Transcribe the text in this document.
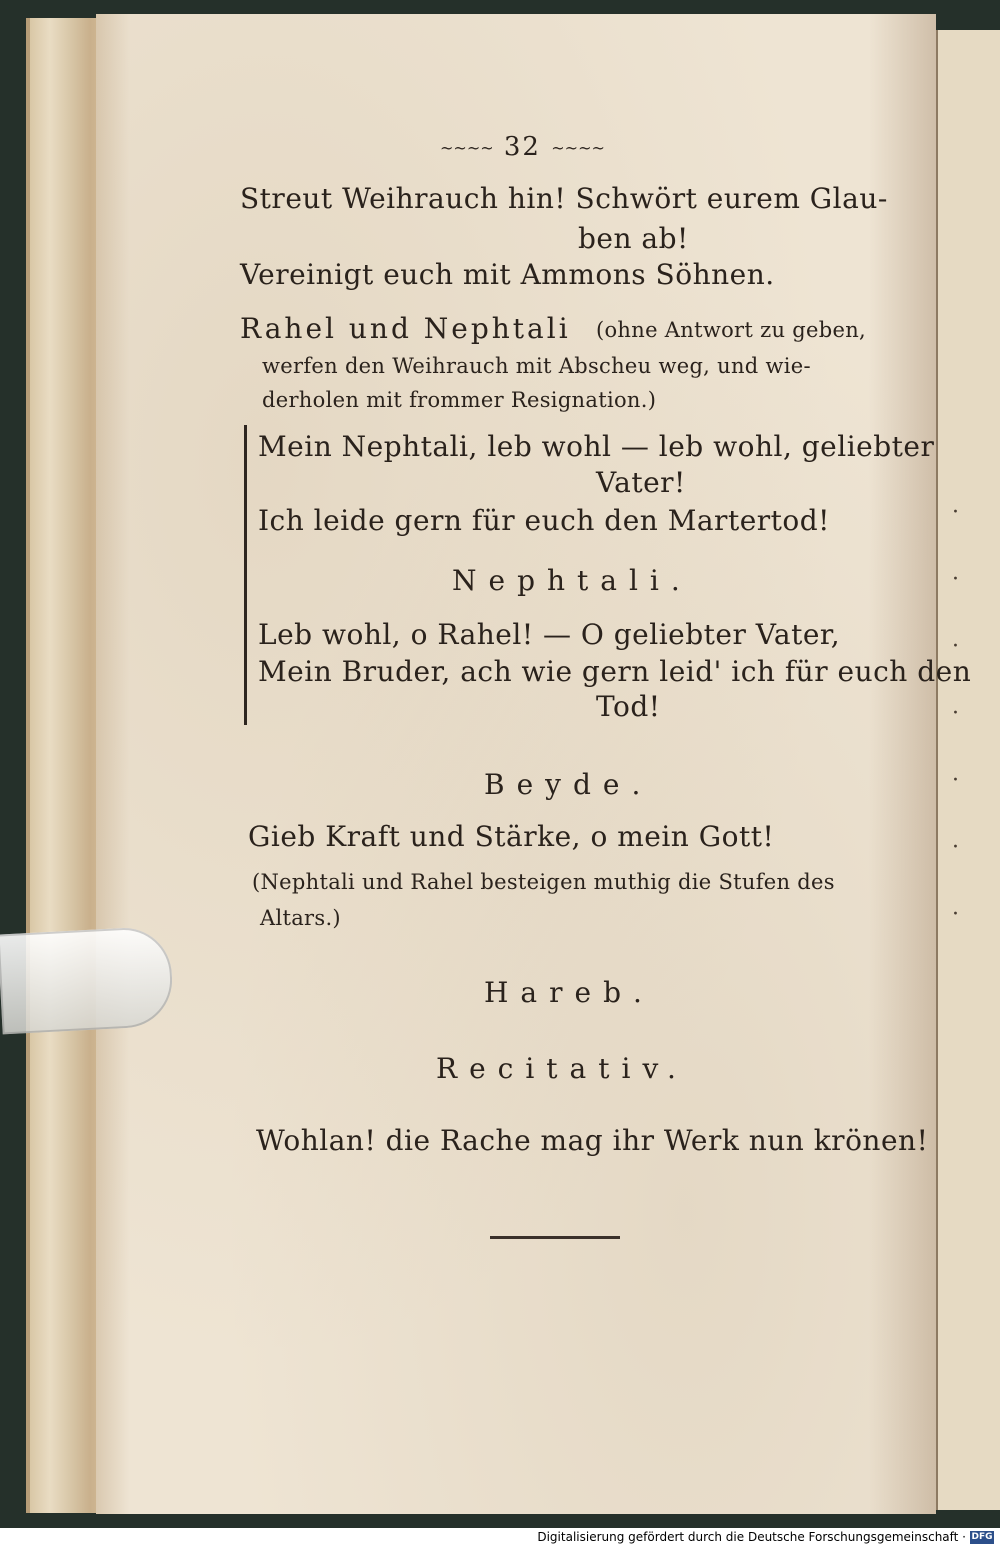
·
·
·
·
·
·
·
~~~~ 32 ~~~~
Streut Weihrauch hin! Schwört eurem Glau-
ben ab!
Vereinigt euch mit Ammons Söhnen.
Rahel und Nephtali (ohne Antwort zu geben,
werfen den Weihrauch mit Abscheu weg, und wie-
derholen mit frommer Resignation.)
Mein Nephtali, leb wohl — leb wohl, geliebter
Vater!
Ich leide gern für euch den Martertod!
Nephtali.
Leb wohl, o Rahel! — O geliebter Vater,
Mein Bruder, ach wie gern leid' ich für euch den
Tod!
Beyde.
Gieb Kraft und Stärke, o mein Gott!
(Nephtali und Rahel besteigen muthig die Stufen des
Altars.)
Hareb.
Recitativ.
Wohlan! die Rache mag ihr Werk nun krönen!
Digitalisierung gefördert durch die Deutsche Forschungsgemeinschaft · DFG
